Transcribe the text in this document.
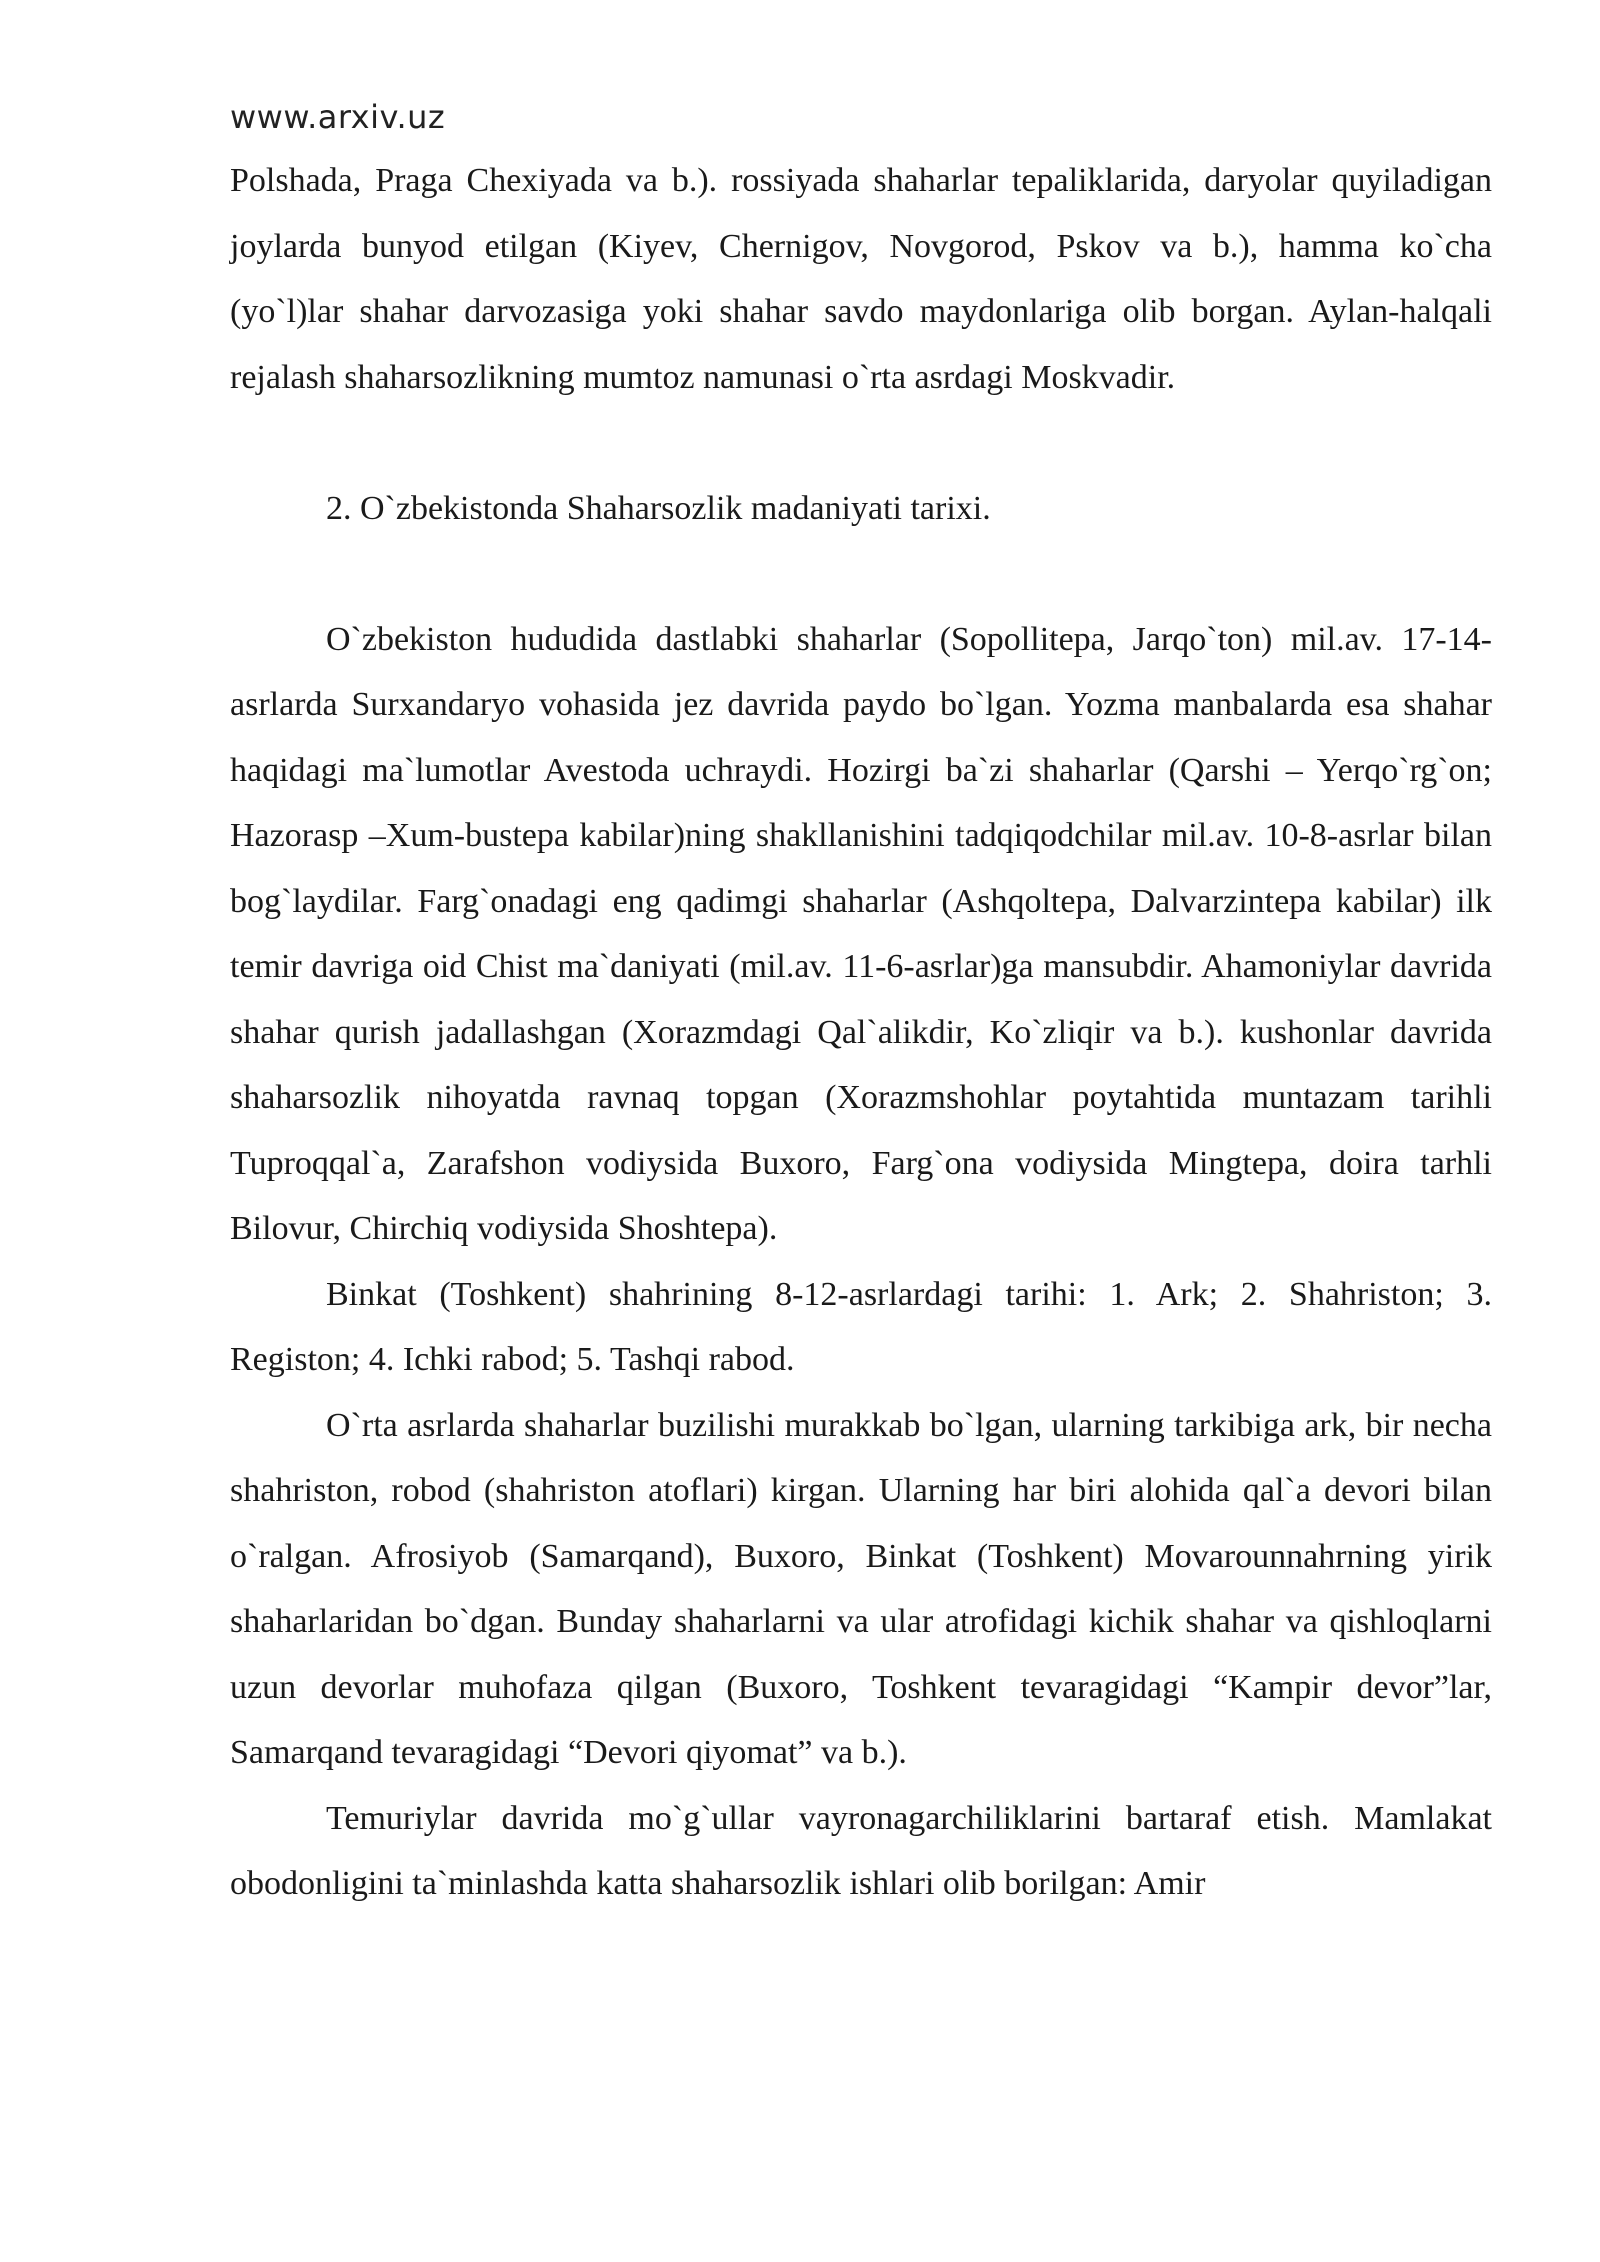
www.arxiv.uz

Polshada, Praga Chexiyada va b.). rossiyada shaharlar tepaliklarida, daryolar quyiladigan joylarda bunyod etilgan (Kiyev, Chernigov, Novgorod, Pskov va b.), hamma ko`cha (yo`l)lar shahar darvozasiga yoki shahar savdo maydonlariga olib borgan. Aylan-halqali rejalash shaharsozlikning mumtoz namunasi o`rta asrdagi Moskvadir.

2. O`zbekistonda Shaharsozlik madaniyati tarixi.

O`zbekiston hududida dastlabki shaharlar (Sopollitepa, Jarqo`ton) mil.av. 17-14- asrlarda Surxandaryo vohasida jez davrida paydo bo`lgan. Yozma manbalarda esa shahar haqidagi ma`lumotlar Avestoda uchraydi. Hozirgi ba`zi shaharlar (Qarshi – Yerqo`rg`on; Hazorasp –Xum-bustepa kabilar)ning shakllanishini tadqiqodchilar mil.av. 10-8-asrlar bilan bog`laydilar. Farg`onadagi eng qadimgi shaharlar (Ashqoltepa, Dalvarzintepa kabilar) ilk temir davriga oid Chist ma`daniyati (mil.av. 11-6-asrlar)ga mansubdir. Ahamoniylar davrida shahar qurish jadallashgan (Xorazmdagi Qal`alikdir, Ko`zliqir va b.). kushonlar davrida shaharsozlik nihoyatda ravnaq topgan (Xorazmshohlar poytahtida muntazam tarihli Tuproqqal`a, Zarafshon vodiysida Buxoro, Farg`ona vodiysida Mingtepa, doira tarhli Bilovur, Chirchiq vodiysida Shoshtepa).

Binkat (Toshkent) shahrining 8-12-asrlardagi tarihi: 1. Ark; 2. Shahriston; 3. Registon; 4. Ichki rabod; 5. Tashqi rabod.

O`rta asrlarda shaharlar buzilishi murakkab bo`lgan, ularning tarkibiga ark, bir necha shahriston, robod (shahriston atoflari) kirgan. Ularning har biri alohida qal`a devori bilan o`ralgan. Afrosiyob (Samarqand), Buxoro, Binkat (Toshkent) Movarounnahrning yirik shaharlaridan bo`dgan. Bunday shaharlarni va ular atrofidagi kichik shahar va qishloqlarni uzun devorlar muhofaza qilgan (Buxoro, Toshkent tevaragidagi “Kampir devor”lar, Samarqand tevaragidagi “Devori qiyomat” va b.).

Temuriylar davrida mo`g`ullar vayronagarchiliklarini bartaraf etish. Mamlakat obodonligini ta`minlashda katta shaharsozlik ishlari olib borilgan: Amir
